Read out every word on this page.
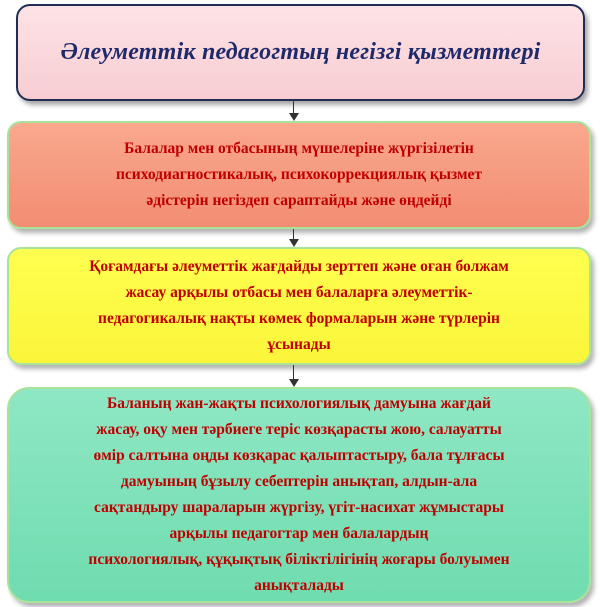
Әлеуметтік педагогтың негізгі қызметтері
Балалар мен отбасының мүшелеріне жүргізілетін
психодиагностикалық, психокоррекциялық қызмет
әдістерін негіздеп сараптайды және өңдейді
Қоғамдағы әлеуметтік жағдайды зерттеп және оған болжам
жасау арқылы отбасы мен балаларға әлеуметтік-
педагогикалық нақты көмек формаларын және түрлерін
ұсынады
Баланың жан-жақты психологиялық дамуына жағдай
жасау, оқу мен тәрбиеге теріс көзқарасты жою, салауатты
өмір салтына оңды көзқарас қалыптастыру, бала тұлғасы
дамуының бұзылу себептерін анықтап, алдын-ала
сақтандыру шараларын жүргізу, үгіт-насихат жұмыстары
арқылы педагогтар мен балалардың
психологиялық, құқықтық біліктілігінің жоғары болуымен
анықталады
